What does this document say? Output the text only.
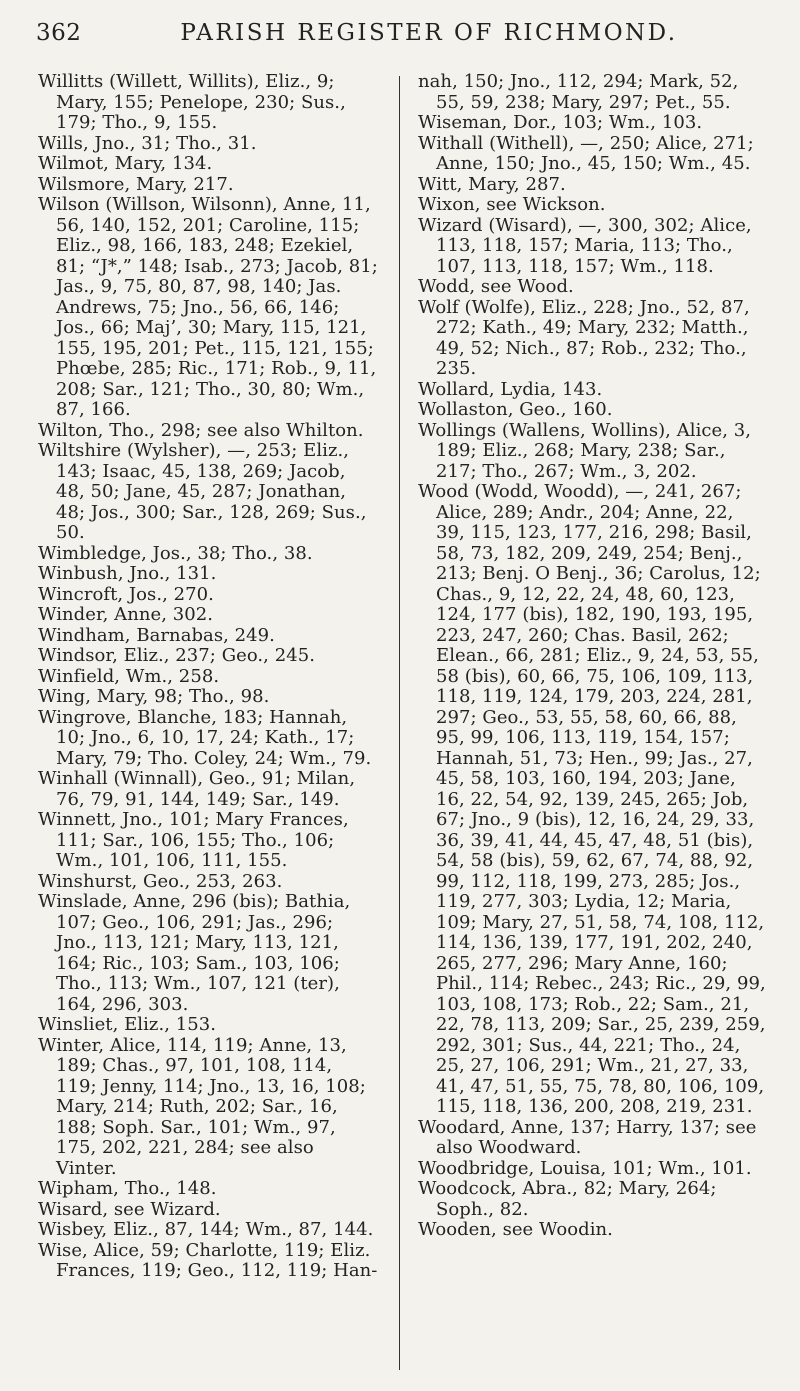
362	PARISH REGISTER OF RICHMOND.

Willitts (Willett, Willits), Eliz., 9; Mary, 155; Penelope, 230; Sus., 179; Tho., 9, 155.

Wills, Jno., 31; Tho., 31.

Wilmot, Mary, 134.

Wilsmore, Mary, 217.

Wilson (Willson, Wilsonn), Anne, 11, 56, 140, 152, 201; Caroline, 115; Eliz., 98, 166, 183, 248; Ezekiel, 81; “J*,” 148; Isab., 273; Jacob, 81; Jas., 9, 75, 80, 87, 98, 140; Jas. Andrews, 75; Jno., 56, 66, 146; Jos., 66; Maj’, 30; Mary, 115, 121, 155, 195, 201; Pet., 115, 121, 155; Phœbe, 285; Ric., 171; Rob., 9, 11, 208; Sar., 121; Tho., 30, 80; Wm., 87, 166.

Wilton, Tho., 298; see also Whilton.

Wiltshire (Wylsher), —, 253; Eliz., 143; Isaac, 45, 138, 269; Jacob, 48, 50; Jane, 45, 287; Jonathan, 48; Jos., 300; Sar., 128, 269; Sus., 50.

Wimbledge, Jos., 38; Tho., 38.

Winbush, Jno., 131.

Wincroft, Jos., 270.

Winder, Anne, 302.

Windham, Barnabas, 249.

Windsor, Eliz., 237; Geo., 245.

Winfield, Wm., 258.

Wing, Mary, 98; Tho., 98.

Wingrove, Blanche, 183; Hannah, 10; Jno., 6, 10, 17, 24; Kath., 17; Mary, 79; Tho. Coley, 24; Wm., 79.

Winhall (Winnall), Geo., 91; Milan, 76, 79, 91, 144, 149; Sar., 149.

Winnett, Jno., 101; Mary Frances, 111; Sar., 106, 155; Tho., 106; Wm., 101, 106, 111, 155.

Winshurst, Geo., 253, 263.

Winslade, Anne, 296 (bis); Bathia, 107; Geo., 106, 291; Jas., 296; Jno., 113, 121; Mary, 113, 121, 164; Ric., 103; Sam., 103, 106; Tho., 113; Wm., 107, 121 (ter), 164, 296, 303.

Winsliet, Eliz., 153.

Winter, Alice, 114, 119; Anne, 13, 189; Chas., 97, 101, 108, 114, 119; Jenny, 114; Jno., 13, 16, 108; Mary, 214; Ruth, 202; Sar., 16, 188; Soph. Sar., 101; Wm., 97, 175, 202, 221, 284; see also Vinter.

Wipham, Tho., 148.

Wisard, see Wizard.

Wisbey, Eliz., 87, 144; Wm., 87, 144.

Wise, Alice, 59; Charlotte, 119; Eliz. Frances, 119; Geo., 112, 119; Han-

nah, 150; Jno., 112, 294; Mark, 52, 55, 59, 238; Mary, 297; Pet., 55.

Wiseman, Dor., 103; Wm., 103.

Withall (Withell), —, 250; Alice, 271; Anne, 150; Jno., 45, 150; Wm., 45.

Witt, Mary, 287.

Wixon, see Wickson.

Wizard (Wisard), —, 300, 302; Alice, 113, 118, 157; Maria, 113; Tho., 107, 113, 118, 157; Wm., 118.

Wodd, see Wood.

Wolf (Wolfe), Eliz., 228; Jno., 52, 87, 272; Kath., 49; Mary, 232; Matth., 49, 52; Nich., 87; Rob., 232; Tho., 235.

Wollard, Lydia, 143.

Wollaston, Geo., 160.

Wollings (Wallens, Wollins), Alice, 3, 189; Eliz., 268; Mary, 238; Sar., 217; Tho., 267; Wm., 3, 202.

Wood (Wodd, Woodd), —, 241, 267; Alice, 289; Andr., 204; Anne, 22, 39, 115, 123, 177, 216, 298; Basil, 58, 73, 182, 209, 249, 254; Benj., 213; Benj. O Benj., 36; Carolus, 12; Chas., 9, 12, 22, 24, 48, 60, 123, 124, 177 (bis), 182, 190, 193, 195, 223, 247, 260; Chas. Basil, 262; Elean., 66, 281; Eliz., 9, 24, 53, 55, 58 (bis), 60, 66, 75, 106, 109, 113, 118, 119, 124, 179, 203, 224, 281, 297; Geo., 53, 55, 58, 60, 66, 88, 95, 99, 106, 113, 119, 154, 157; Hannah, 51, 73; Hen., 99; Jas., 27, 45, 58, 103, 160, 194, 203; Jane, 16, 22, 54, 92, 139, 245, 265; Job, 67; Jno., 9 (bis), 12, 16, 24, 29, 33, 36, 39, 41, 44, 45, 47, 48, 51 (bis), 54, 58 (bis), 59, 62, 67, 74, 88, 92, 99, 112, 118, 199, 273, 285; Jos., 119, 277, 303; Lydia, 12; Maria, 109; Mary, 27, 51, 58, 74, 108, 112, 114, 136, 139, 177, 191, 202, 240, 265, 277, 296; Mary Anne, 160; Phil., 114; Rebec., 243; Ric., 29, 99, 103, 108, 173; Rob., 22; Sam., 21, 22, 78, 113, 209; Sar., 25, 239, 259, 292, 301; Sus., 44, 221; Tho., 24, 25, 27, 106, 291; Wm., 21, 27, 33, 41, 47, 51, 55, 75, 78, 80, 106, 109, 115, 118, 136, 200, 208, 219, 231.

Woodard, Anne, 137; Harry, 137; see also Woodward.

Woodbridge, Louisa, 101; Wm., 101.

Woodcock, Abra., 82; Mary, 264; Soph., 82.

Wooden, see Woodin.
